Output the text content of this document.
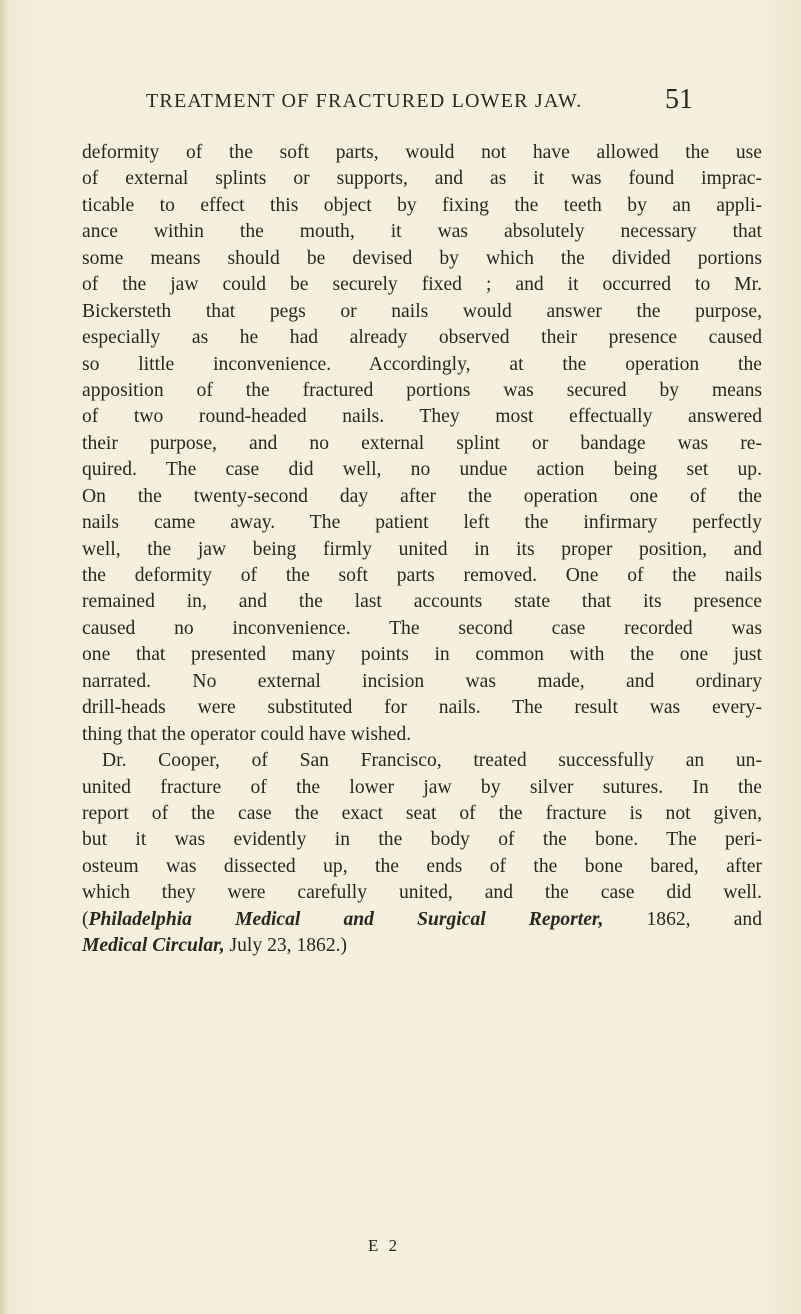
TREATMENT OF FRACTURED LOWER JAW.	51
deformity of the soft parts, would not have allowed the use
of external splints or supports, and as it was found imprac-
ticable to effect this object by fixing the teeth by an appli-
ance within the mouth, it was absolutely necessary that
some means should be devised by which the divided portions
of the jaw could be securely fixed ; and it occurred to Mr.
Bickersteth that pegs or nails would answer the purpose,
especially as he had already observed their presence caused
so little inconvenience. Accordingly, at the operation the
apposition of the fractured portions was secured by means
of two round-headed nails. They most effectually answered
their purpose, and no external splint or bandage was re-
quired. The case did well, no undue action being set up.
On the twenty-second day after the operation one of the
nails came away. The patient left the infirmary perfectly
well, the jaw being firmly united in its proper position, and
the deformity of the soft parts removed. One of the nails
remained in, and the last accounts state that its presence
caused no inconvenience. The second case recorded was
one that presented many points in common with the one just
narrated. No external incision was made, and ordinary
drill-heads were substituted for nails. The result was every-
thing that the operator could have wished.
Dr. Cooper, of San Francisco, treated successfully an un-
united fracture of the lower jaw by silver sutures. In the
report of the case the exact seat of the fracture is not given,
but it was evidently in the body of the bone. The peri-
osteum was dissected up, the ends of the bone bared, after
which they were carefully united, and the case did well.
(Philadelphia Medical and Surgical Reporter, 1862, and
Medical Circular, July 23, 1862.)
E 2
